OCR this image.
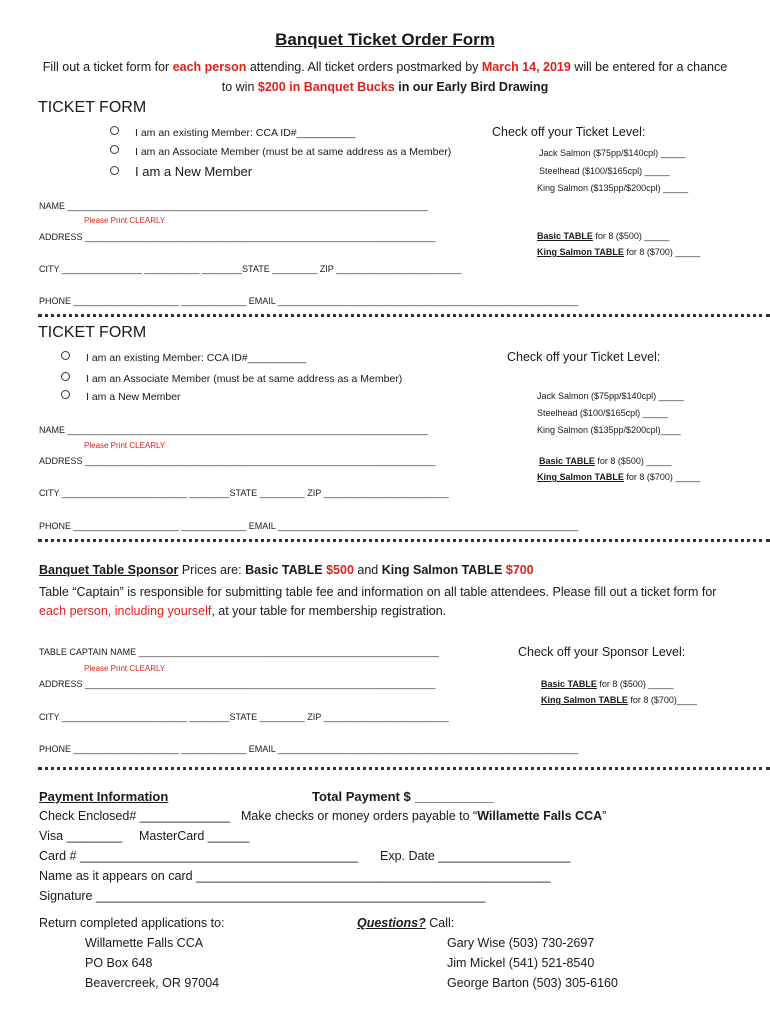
Banquet Ticket Order Form
Fill out a ticket form for each person attending. All ticket orders postmarked by March 14, 2019 will be entered for a chance
to win $200 in Banquet Bucks in our Early Bird Drawing
TICKET FORM
I am an existing Member: CCA ID#__________
I am an Associate Member (must be at same address as a Member)
I am a New Member
Check off your Ticket Level:
Jack Salmon ($75pp/$140cpl) _____
Steelhead ($100/$165cpl) _____
King Salmon ($135pp/$200cpl) _____
NAME ________________________________________________________________________
Please Print CLEARLY
ADDRESS ______________________________________________________________________	Basic TABLE for 8 ($500) _____
King Salmon TABLE for 8 ($700) _____
CITY ________________ ___________ ________STATE _________ ZIP _________________________
PHONE _____________________ _____________ EMAIL ____________________________________________________________
TICKET FORM
I am an existing Member: CCA ID#__________
I am an Associate Member (must be at same address as a Member)
I am a New Member
Check off your Ticket Level:
Jack Salmon ($75pp/$140cpl) _____
Steelhead ($100/$165cpl) _____
King Salmon ($135pp/$200cpl)____
NAME ________________________________________________________________________
Please Print CLEARLY
ADDRESS ______________________________________________________________________	Basic TABLE for 8 ($500) _____
King Salmon TABLE for 8 ($700) _____
CITY _________________________ ________STATE _________ ZIP _________________________
PHONE _____________________ _____________ EMAIL ____________________________________________________________
Banquet Table Sponsor Prices are: Basic TABLE $500 and King Salmon TABLE $700
Table “Captain” is responsible for submitting table fee and information on all table attendees. Please fill out a ticket form for
each person, including yourself, at your table for membership registration.
TABLE CAPTAIN NAME ____________________________________________________________	Check off your Sponsor Level:
Please Print CLEARLY
ADDRESS ______________________________________________________________________	Basic TABLE for 8 ($500) _____
King Salmon TABLE for 8 ($700)____
CITY _________________________ ________STATE _________ ZIP _________________________
PHONE _____________________ _____________ EMAIL ____________________________________________________________
Payment Information	Total Payment $ ___________
Check Enclosed# _____________ Make checks or money orders payable to “Willamette Falls CCA”
Visa ________ MasterCard ______
Card # ________________________________________ Exp. Date ___________________
Name as it appears on card ___________________________________________________
Signature ________________________________________________________
Return completed applications to:
Willamette Falls CCA
PO Box 648
Beavercreek, OR 97004
Questions? Call:
Gary Wise (503) 730-2697
Jim Mickel (541) 521-8540
George Barton (503) 305-6160
